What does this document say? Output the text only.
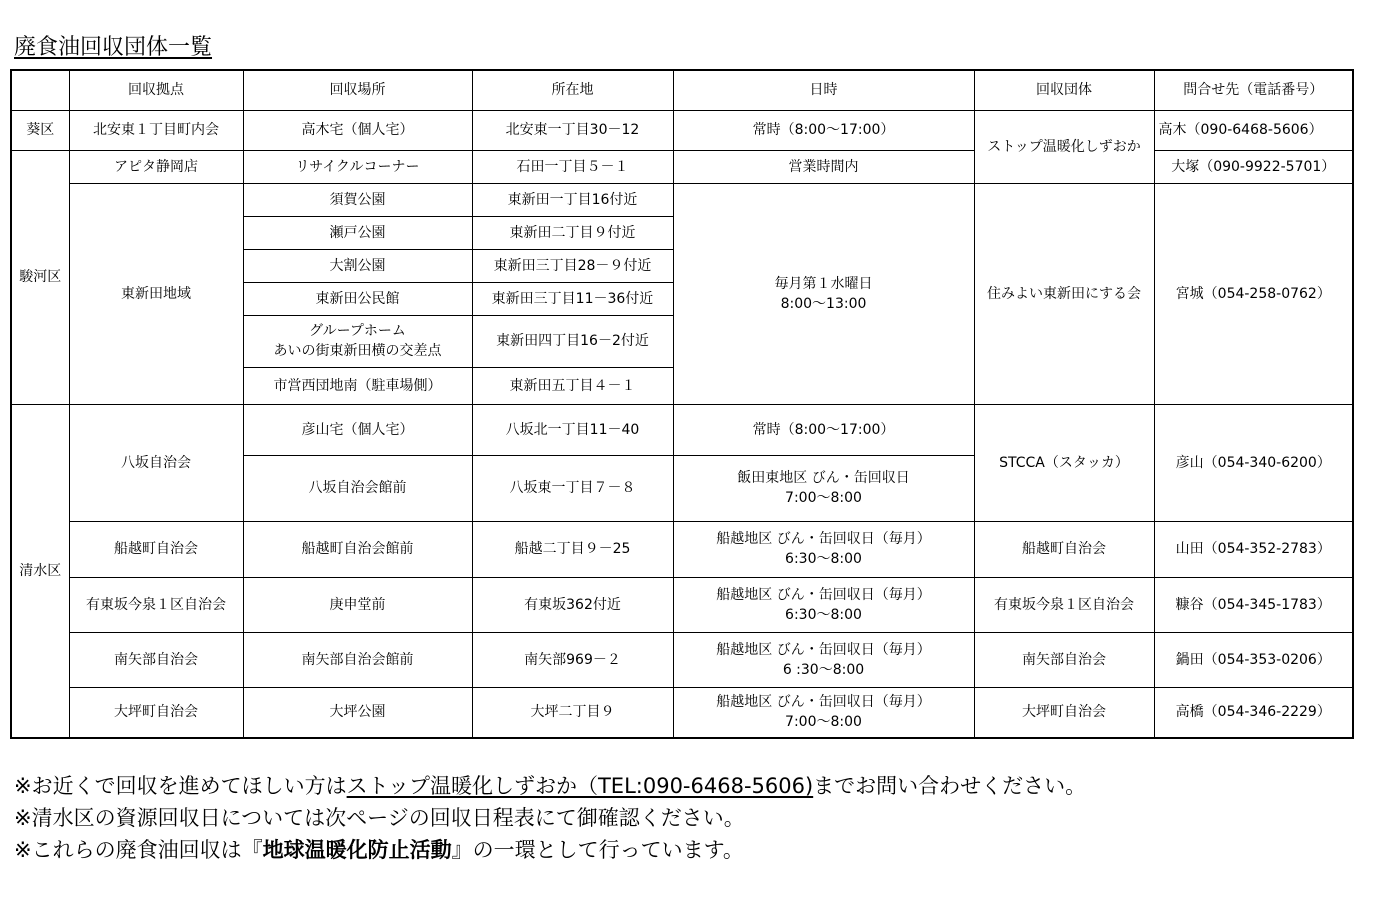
廃食油回収団体一覧
	回収拠点	回収場所	所在地	日時	回収団体	問合せ先（電話番号）
葵区	北安東１丁目町内会	高木宅（個人宅）	北安東一丁目30－12	常時（8:00～17:00）	ストップ温暖化しずおか	高木（090-6468-5606）
駿河区	アピタ静岡店	リサイクルコーナー	石田一丁目５－１	営業時間内		大塚（090-9922-5701）
	東新田地域	須賀公園	東新田一丁目16付近	毎月第１水曜日
8:00～13:00	住みよい東新田にする会	宮城（054-258-0762）
		瀬戸公園	東新田二丁目９付近			
		大割公園	東新田三丁目28－９付近			
		東新田公民館	東新田三丁目11－36付近			

		グループホーム
あいの街東新田横の交差点	東新田四丁目16－2付近			
		市営西団地南（駐車場側）	東新田五丁目４－１			
清水区	八坂自治会	彦山宅（個人宅）	八坂北一丁目11－40	常時（8:00～17:00）	STCCA（スタッカ）	彦山（054-340-6200）
		八坂自治会館前	八坂東一丁目７－８	飯田東地区 びん・缶回収日
7:00～8:00		

	船越町自治会	船越町自治会館前	船越二丁目９－25	船越地区 びん・缶回収日（毎月）
6:30～8:00	船越町自治会	山田（054-352-2783）
	有東坂今泉１区自治会	庚申堂前	有東坂362付近	船越地区 びん・缶回収日（毎月）
6:30～8:00	有東坂今泉１区自治会	糠谷（054-345-1783）
	南矢部自治会	南矢部自治会館前	南矢部969－２	船越地区 びん・缶回収日（毎月）
6 :30～8:00	南矢部自治会	鍋田（054-353-0206）
	大坪町自治会	大坪公園	大坪二丁目９	船越地区 びん・缶回収日（毎月）
7:00～8:00	大坪町自治会	高橋（054-346-2229）
※お近くで回収を進めてほしい方はストップ温暖化しずおか（TEL:090-6468-5606)までお問い合わせください。
※清水区の資源回収日については次ページの回収日程表にて御確認ください。
※これらの廃食油回収は『地球温暖化防止活動』の一環として行っています。
